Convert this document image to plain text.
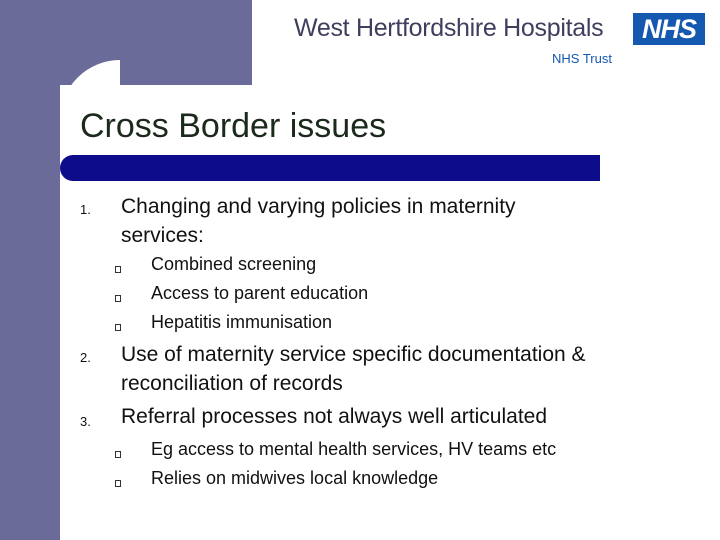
West Hertfordshire Hospitals	NHS
NHS Trust
Cross Border issues
1. Changing and varying policies in maternity services:
Combined screening
Access to parent education
Hepatitis immunisation
2. Use of maternity service specific documentation & reconciliation of records
3. Referral processes not always well articulated
Eg access to mental health services, HV teams etc
Relies on midwives local knowledge
